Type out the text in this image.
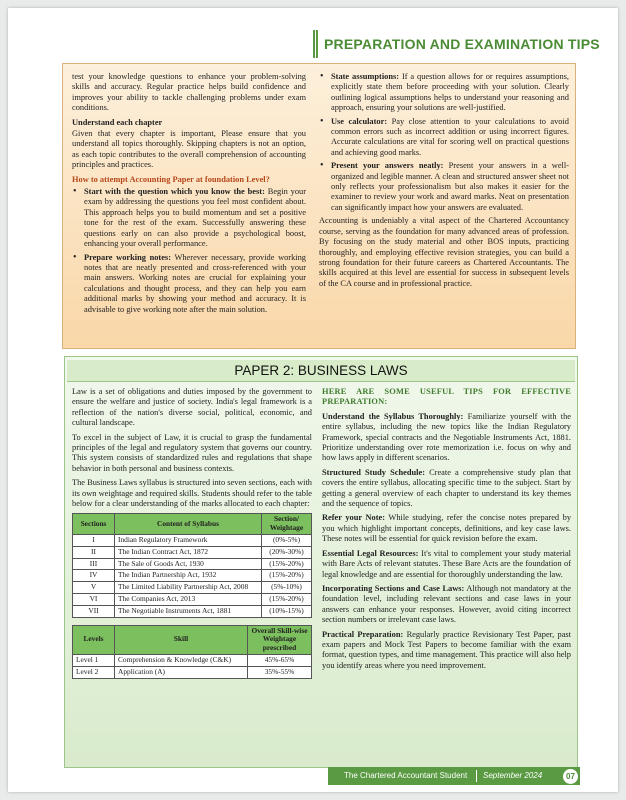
PREPARATION AND EXAMINATION TIPS

test your knowledge questions to enhance your problem-solving skills and accuracy. Regular practice helps build confidence and improves your ability to tackle challenging problems under exam conditions.

Understand each chapter

Given that every chapter is important, Please ensure that you understand all topics thoroughly. Skipping chapters is not an option, as each topic contributes to the overall comprehension of accounting principles and practices.

How to attempt Accounting Paper at foundation Level?
• Start with the question which you know the best: Begin your exam by addressing the questions you feel most confident about. This approach helps you to build momentum and set a positive tone for the rest of the exam. Successfully answering these questions early on can also provide a psychological boost, enhancing your overall performance.
• Prepare working notes: Wherever necessary, provide working notes that are neatly presented and cross-referenced with your main answers. Working notes are crucial for explaining your calculations and thought process, and they can help you earn additional marks by showing your method and accuracy. It is advisable to give working note after the main solution.
• State assumptions: If a question allows for or requires assumptions, explicitly state them before proceeding with your solution. Clearly outlining logical assumptions helps to understand your reasoning and approach, ensuring your solutions are well-justified.
• Use calculator: Pay close attention to your calculations to avoid common errors such as incorrect addition or using incorrect figures. Accurate calculations are vital for scoring well on practical questions and achieving good marks.
• Present your answers neatly: Present your answers in a well-organized and legible manner. A clean and structured answer sheet not only reflects your professionalism but also makes it easier for the examiner to review your work and award marks. Neat on presentation can significantly impact how your answers are evaluated.

Accounting is undeniably a vital aspect of the Chartered Accountancy course, serving as the foundation for many advanced areas of profession. By focusing on the study material and other BOS inputs, practicing thoroughly, and employing effective revision strategies, you can build a strong foundation for their future careers as Chartered Accountants. The skills acquired at this level are essential for success in subsequent levels of the CA course and in professional practice.

PAPER 2: BUSINESS LAWS

Law is a set of obligations and duties imposed by the government to ensure the welfare and justice of society. India's legal framework is a reflection of the nation's diverse social, political, economic, and cultural landscape.

To excel in the subject of Law, it is crucial to grasp the fundamental principles of the legal and regulatory system that governs our country. This system consists of standardized rules and regulations that shape behavior in both personal and business contexts.

The Business Laws syllabus is structured into seven sections, each with its own weightage and required skills. Students should refer to the table below for a clear understanding of the marks allocated to each chapter:

Sections	Content of Syllabus	Section/ Weightage
I	Indian Regulatory Framework	(0%-5%)
II	The Indian Contract Act, 1872	(20%-30%)
III	The Sale of Goods Act, 1930	(15%-20%)
IV	The Indian Partnership Act, 1932	(15%-20%)
V	The Limited Liability Partnership Act, 2008	(5%-10%)
VI	The Companies Act, 2013	(15%-20%)
VII	The Negotiable Instruments Act, 1881	(10%-15%)
Levels	Skill	Overall Skill-wise Weightage prescribed
Level 1	Comprehension & Knowledge (C&K)	45%-65%
Level 2	Application (A)	35%-55%
HERE ARE SOME USEFUL TIPS FOR EFFECTIVE PREPARATION:

Understand the Syllabus Thoroughly: Familiarize yourself with the entire syllabus, including the new topics like the Indian Regulatory Framework, special contracts and the Negotiable Instruments Act, 1881. Prioritize understanding over rote memorization i.e. focus on why and how laws apply in different scenarios.

Structured Study Schedule: Create a comprehensive study plan that covers the entire syllabus, allocating specific time to the subject. Start by getting a general overview of each chapter to understand its key themes and the sequence of topics.

Refer your Note: While studying, refer the concise notes prepared by you which highlight important concepts, definitions, and key case laws. These notes will be essential for quick revision before the exam.

Essential Legal Resources: It's vital to complement your study material with Bare Acts of relevant statutes. These Bare Acts are the foundation of legal knowledge and are essential for thoroughly understanding the law.

Incorporating Sections and Case Laws: Although not mandatory at the foundation level, including relevant sections and case laws in your answers can enhance your responses. However, avoid citing incorrect section numbers or irrelevant case laws.

Practical Preparation: Regularly practice Revisionary Test Paper, past exam papers and Mock Test Papers to become familiar with the exam format, question types, and time management. This practice will also help you identify areas where you need improvement.

The Chartered Accountant Student September 2024	07
